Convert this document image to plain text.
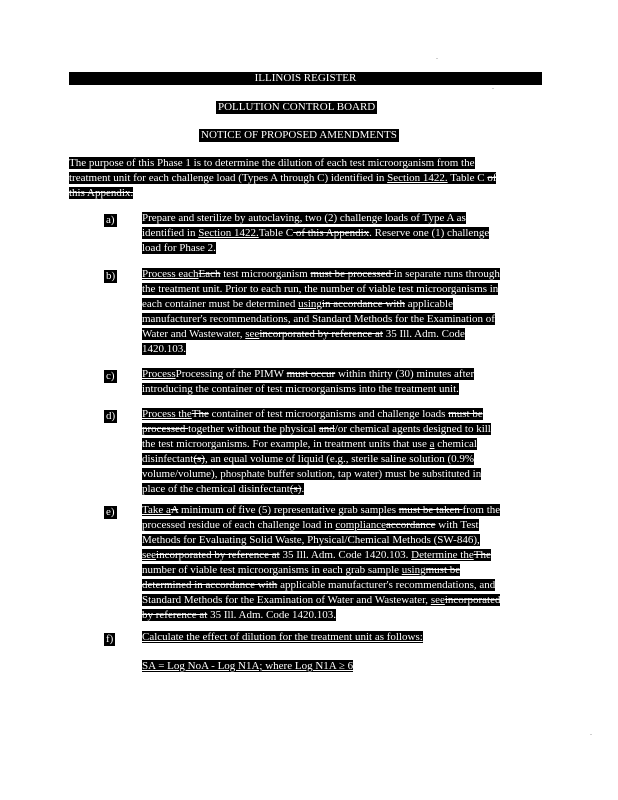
ILLINOIS REGISTER
POLLUTION CONTROL BOARD
NOTICE OF PROPOSED AMENDMENTS
The purpose of this Phase 1 is to determine the dilution of each test microorganism from the
treatment unit for each challenge load (Types A through C) identified in Section 1422. Table C of
this Appendix.
a) Prepare and sterilize by autoclaving, two (2) challenge loads of Type A as
identified in Section 1422.Table C of this Appendix. Reserve one (1) challenge
load for Phase 2.
b) Process eachEach test microorganism must be processed in separate runs through
the treatment unit. Prior to each run, the number of viable test microorganisms in
each container must be determined usingin accordance with applicable
manufacturer's recommendations, and Standard Methods for the Examination of
Water and Wastewater, seeincorporated by reference at 35 Ill. Adm. Code
1420.103.
c) ProcessProcessing of the PIMW must occur within thirty (30) minutes after
introducing the container of test microorganisms into the treatment unit.
d) Process theThe container of test microorganisms and challenge loads must be
processed together without the physical and/or chemical agents designed to kill
the test microorganisms. For example, in treatment units that use a chemical
disinfectant(s), an equal volume of liquid (e.g., sterile saline solution (0.9%
volume/volume), phosphate buffer solution, tap water) must be substituted in
place of the chemical disinfectant(s).
e) Take aA minimum of five (5) representative grab samples must be taken from the
processed residue of each challenge load in complianceaccordance with Test
Methods for Evaluating Solid Waste, Physical/Chemical Methods (SW-846),
seeincorporated by reference at 35 Ill. Adm. Code 1420.103. Determine theThe
number of viable test microorganisms in each grab sample usingmust be
determined in accordance with applicable manufacturer's recommendations, and
Standard Methods for the Examination of Water and Wastewater, seeincorporated
by reference at 35 Ill. Adm. Code 1420.103.
f)	Calculate the effect of dilution for the treatment unit as follows:
SA = Log NoA - Log N1A; where Log N1A ≥ 6
